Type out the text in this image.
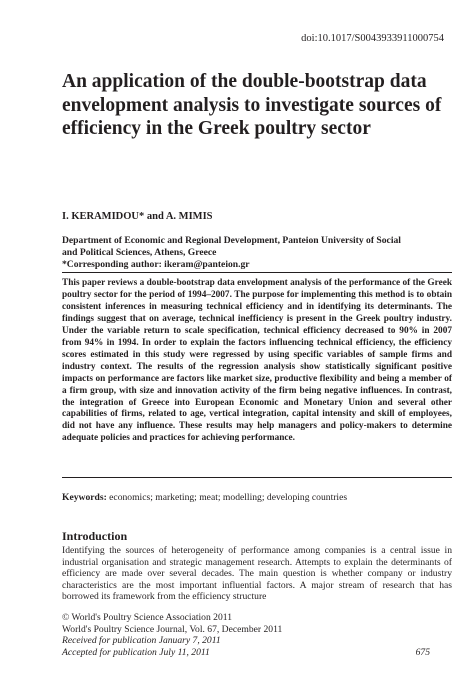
doi:10.1017/S0043933911000754
An application of the double-bootstrap data envelopment analysis to investigate sources of efficiency in the Greek poultry sector
I. KERAMIDOU* and A. MIMIS
Department of Economic and Regional Development, Panteion University of Social
and Political Sciences, Athens, Greece
*Corresponding author: ikeram@panteion.gr

This paper reviews a double-bootstrap data envelopment analysis of the performance of the Greek poultry sector for the period of 1994–2007. The purpose for implementing this method is to obtain consistent inferences in measuring technical efficiency and in identifying its determinants. The findings suggest that on average, technical inefficiency is present in the Greek poultry industry. Under the variable return to scale specification, technical efficiency decreased to 90% in 2007 from 94% in 1994. In order to explain the factors influencing technical efficiency, the efficiency scores estimated in this study were regressed by using specific variables of sample firms and industry context. The results of the regression analysis show statistically significant positive impacts on performance are factors like market size, productive flexibility and being a member of a firm group, with size and innovation activity of the firm being negative influences. In contrast, the integration of Greece into European Economic and Monetary Union and several other capabilities of firms, related to age, vertical integration, capital intensity and skill of employees, did not have any influence. These results may help managers and policy-makers to determine adequate policies and practices for achieving performance.

Keywords: economics; marketing; meat; modelling; developing countries
Introduction

Identifying the sources of heterogeneity of performance among companies is a central issue in industrial organisation and strategic management research. Attempts to explain the determinants of efficiency are made over several decades. The main question is whether company or industry characteristics are the most important influential factors. A major stream of research that has borrowed its framework from the efficiency structure

© World's Poultry Science Association 2011
World's Poultry Science Journal, Vol. 67, December 2011
Received for publication January 7, 2011
Accepted for publication July 11, 2011	675
